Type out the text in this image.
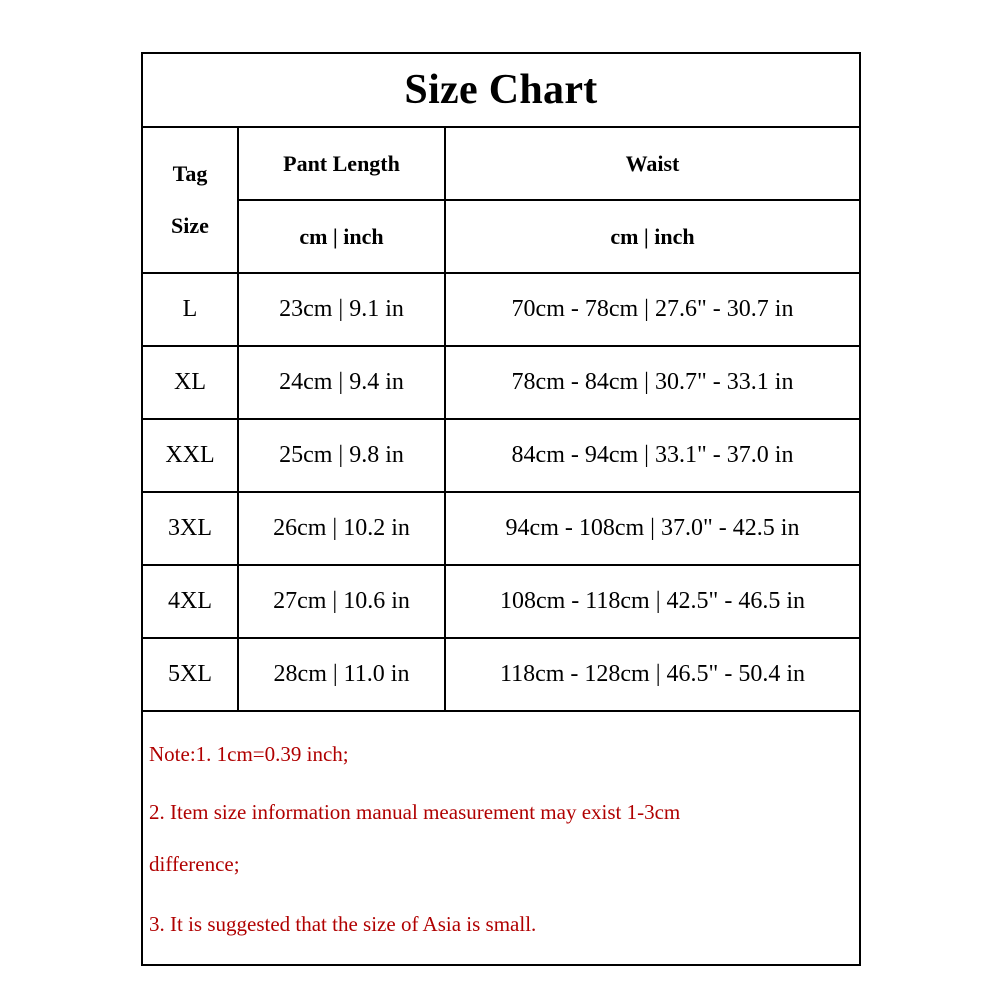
Size Chart
Tag
Size	Pant Length	Waist
	cm | inch	cm | inch
L	23cm | 9.1 in	70cm - 78cm | 27.6" - 30.7 in
XL	24cm | 9.4 in	78cm - 84cm | 30.7" - 33.1 in
XXL	25cm | 9.8 in	84cm - 94cm | 33.1" - 37.0 in
3XL	26cm | 10.2 in	94cm - 108cm | 37.0" - 42.5 in
4XL	27cm | 10.6 in	108cm - 118cm | 42.5" - 46.5 in
5XL	28cm | 11.0 in	118cm - 128cm | 46.5" - 50.4 in
Note:1. 1cm=0.39 inch;
2. Item size information manual measurement may exist 1-3cm
difference;
3. It is suggested that the size of Asia is small.
